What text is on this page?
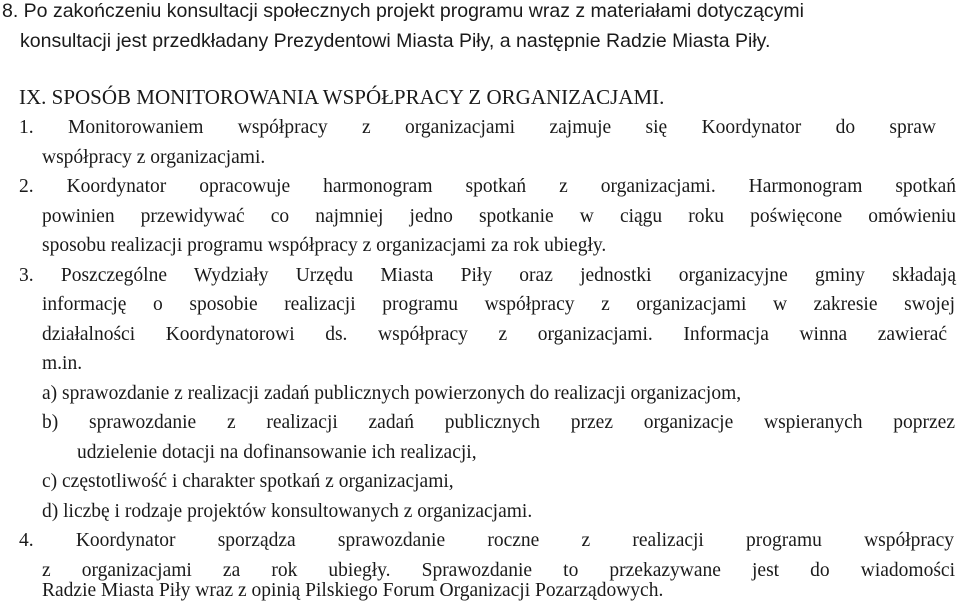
8. Po zakończeniu konsultacji społecznych projekt programu wraz z materiałami dotyczącymi
konsultacji jest przedkładany Prezydentowi Miasta Piły, a następnie Radzie Miasta Piły.
IX. SPOSÓB MONITOROWANIA WSPÓŁPRACY Z ORGANIZACJAMI.
1. Monitorowaniem współpracy z organizacjami zajmuje się Koordynator do spraw
współpracy z organizacjami.
2. Koordynator opracowuje harmonogram spotkań z organizacjami. Harmonogram spotkań
powinien przewidywać co najmniej jedno spotkanie w ciągu roku poświęcone omówieniu
sposobu realizacji programu współpracy z organizacjami za rok ubiegły.
3. Poszczególne Wydziały Urzędu Miasta Piły oraz jednostki organizacyjne gminy składają
informację o sposobie realizacji programu współpracy z organizacjami w zakresie swojej
działalności Koordynatorowi ds. współpracy z organizacjami. Informacja winna zawierać
m.in.
a) sprawozdanie z realizacji zadań publicznych powierzonych do realizacji organizacjom,
b) sprawozdanie z realizacji zadań publicznych przez organizacje wspieranych poprzez
udzielenie dotacji na dofinansowanie ich realizacji,
c) częstotliwość i charakter spotkań z organizacjami,
d) liczbę i rodzaje projektów konsultowanych z organizacjami.
4. Koordynator sporządza sprawozdanie roczne z realizacji programu współpracy
z organizacjami za rok ubiegły. Sprawozdanie to przekazywane jest do wiadomości
Radzie Miasta Piły wraz z opinią Pilskiego Forum Organizacji Pozarządowych.
